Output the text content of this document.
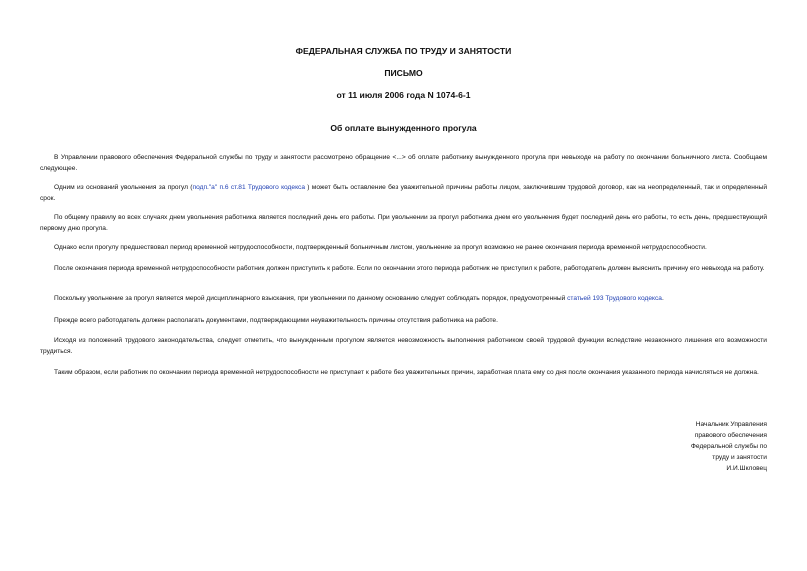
ФЕДЕРАЛЬНАЯ СЛУЖБА ПО ТРУДУ И ЗАНЯТОСТИ
ПИСЬМО
от 11 июля 2006 года N 1074-6-1
Об оплате вынужденного прогула
В Управлении правового обеспечения Федеральной службы по труду и занятости рассмотрено обращение <...> об оплате работнику вынужденного прогула при невыходе на работу по окончании больничного листа. Сообщаем следующее.
Одним из оснований увольнения за прогул (подп."а" п.6 ст.81 Трудового кодекса ) может быть оставление без уважительной причины работы лицом, заключившим трудовой договор, как на неопределенный, так и определенный срок.
По общему правилу во всех случаях днем увольнения работника является последний день его работы. При увольнении за прогул работника днем его увольнения будет последний день его работы, то есть день, предшествующий первому дню прогула.
Однако если прогулу предшествовал период временной нетрудоспособности, подтвержденный больничным листом, увольнение за прогул возможно не ранее окончания периода временной нетрудоспособности.
После окончания периода временной нетрудоспособности работник должен приступить к работе. Если по окончании этого периода работник не приступил к работе, работодатель должен выяснить причину его невыхода на работу.
Поскольку увольнение за прогул является мерой дисциплинарного взыскания, при увольнении по данному основанию следует соблюдать порядок, предусмотренный статьей 193 Трудового кодекса.
Прежде всего работодатель должен располагать документами, подтверждающими неуважительность причины отсутствия работника на работе.
Исходя из положений трудового законодательства, следует отметить, что вынужденным прогулом является невозможность выполнения работником своей трудовой функции вследствие незаконного лишения его возможности трудиться.
Таким образом, если работник по окончании периода временной нетрудоспособности не приступает к работе без уважительных причин, заработная плата ему со дня после окончания указанного периода начисляться не должна.
Начальник Управления
правового обеспечения
Федеральной службы по
труду и занятости
И.И.Шкловец
